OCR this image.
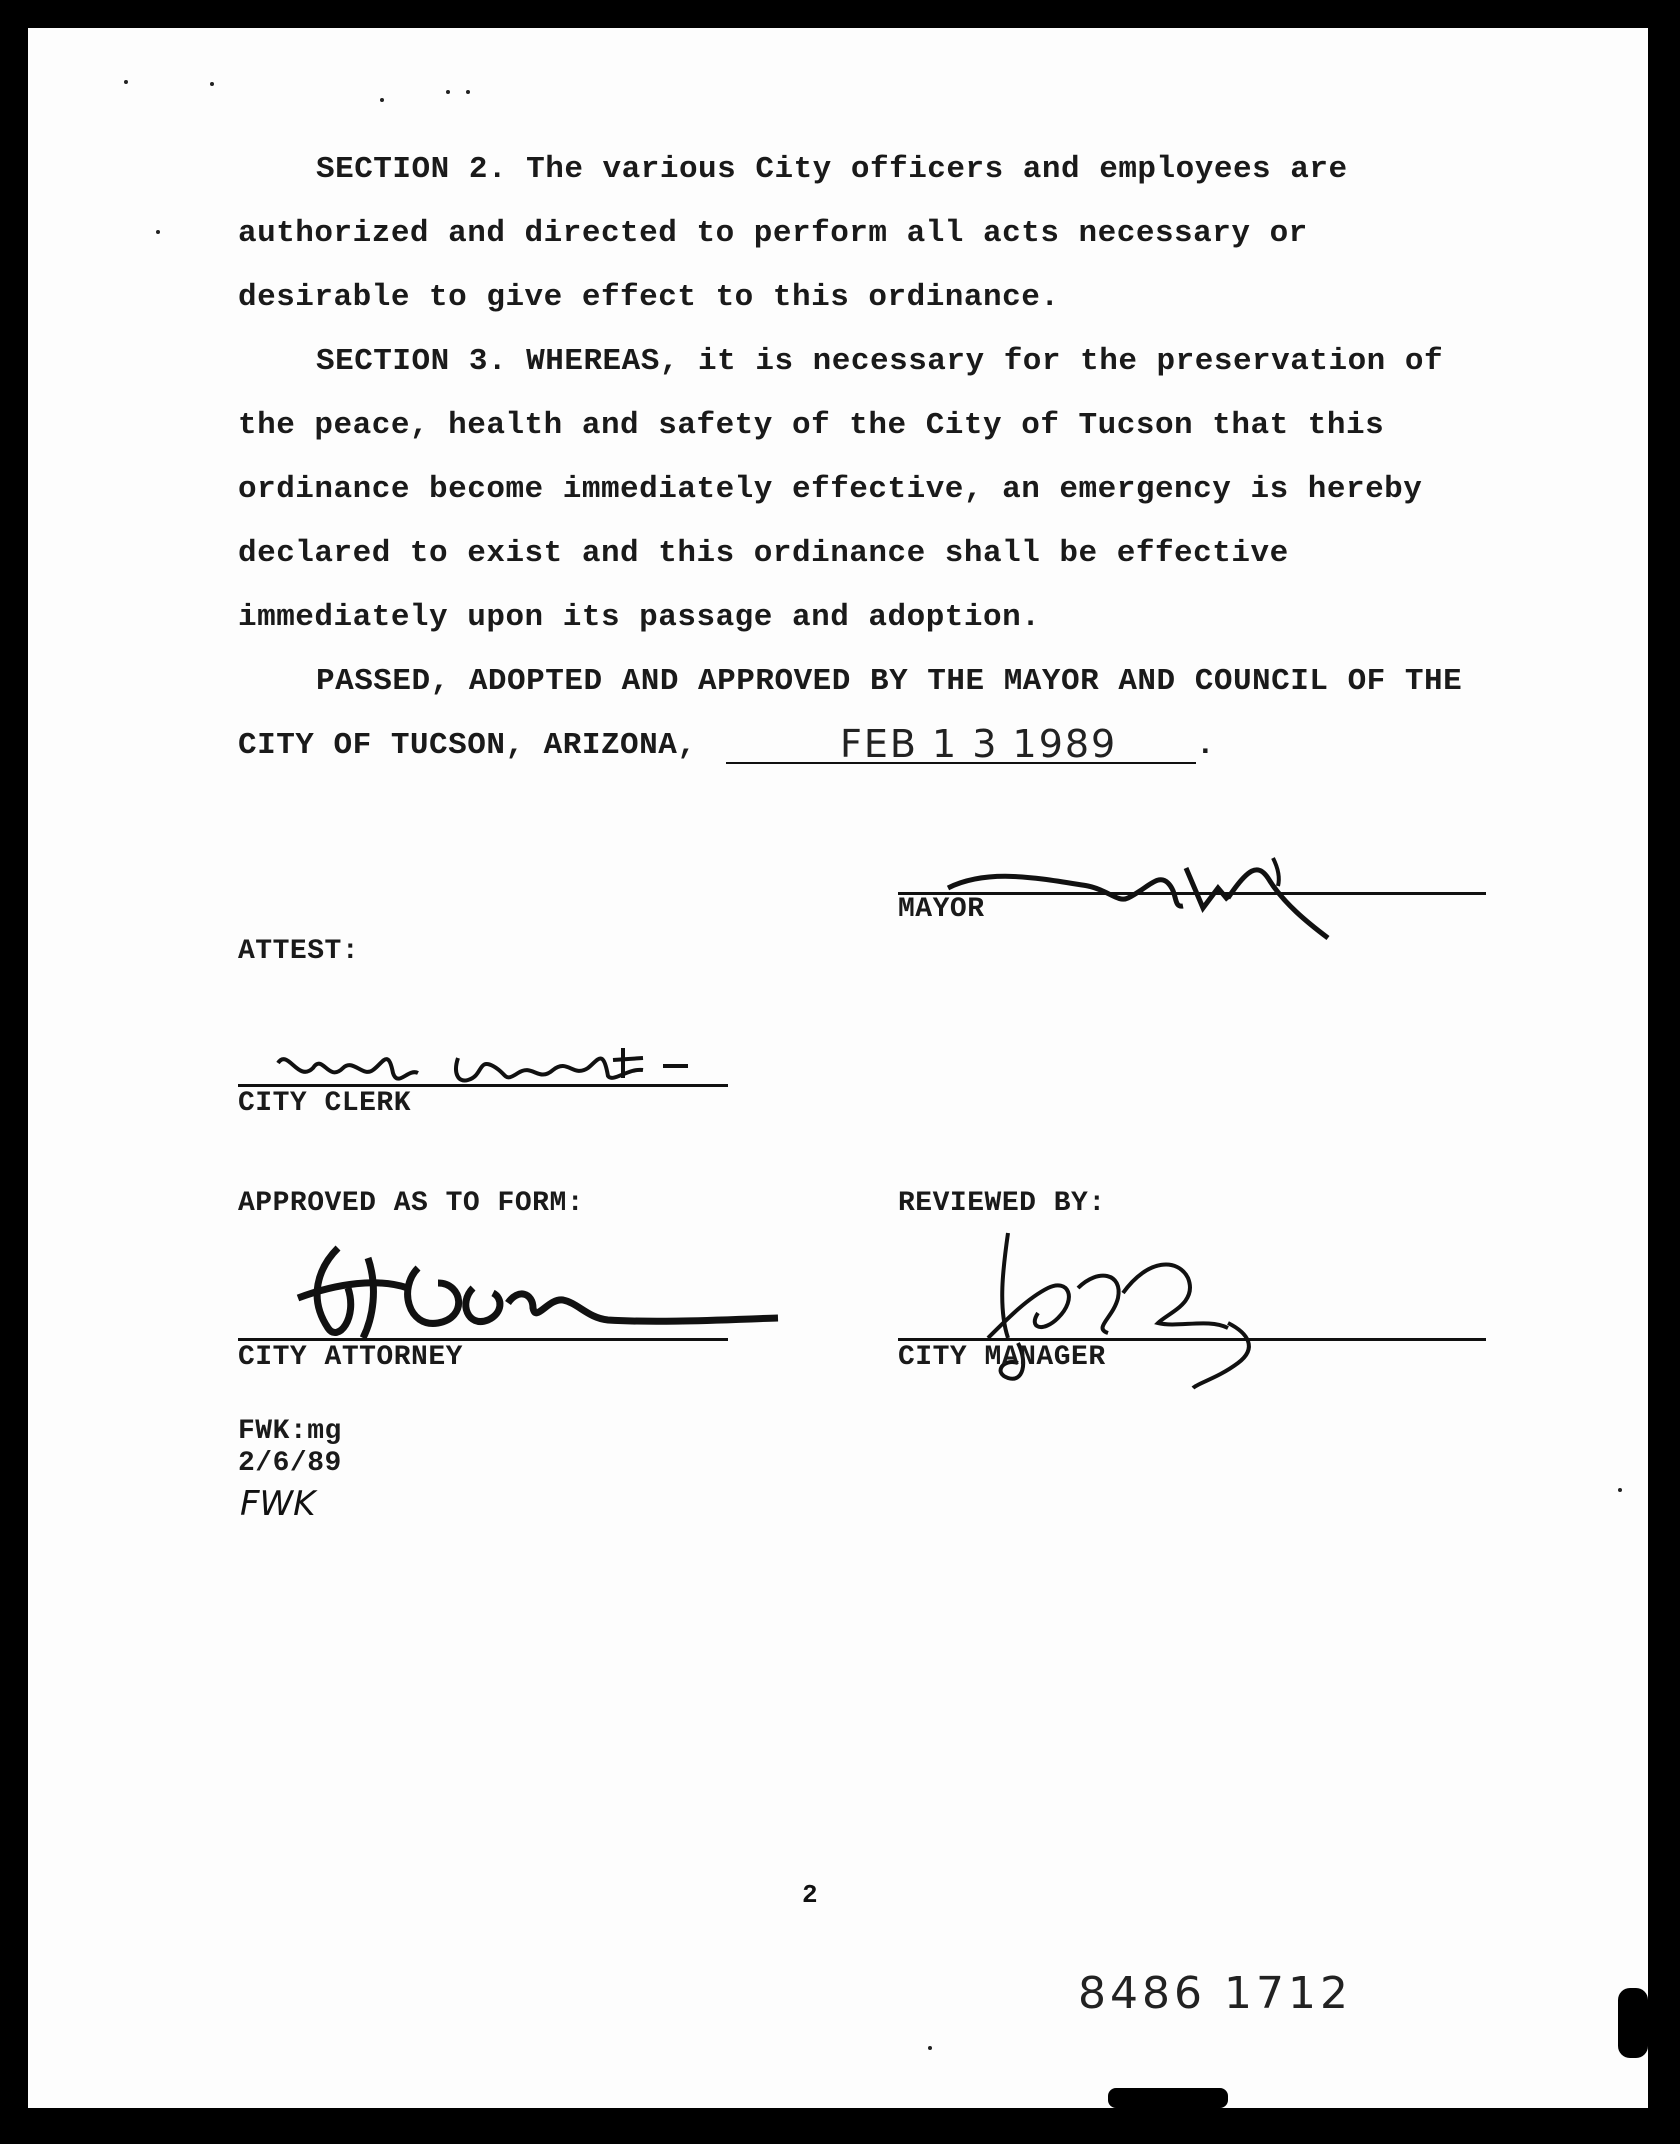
SECTION 2. The various City officers and employees are
authorized and directed to perform all acts necessary or
desirable to give effect to this ordinance.
SECTION 3. WHEREAS, it is necessary for the preservation of
the peace, health and safety of the City of Tucson that this
ordinance become immediately effective, an emergency is hereby
declared to exist and this ordinance shall be effective
immediately upon its passage and adoption.
PASSED, ADOPTED AND APPROVED BY THE MAYOR AND COUNCIL OF THE
CITY OF TUCSON, ARIZONA,	FEB 1 3 1989	.
MAYOR
ATTEST:
CITY CLERK
APPROVED AS TO FORM:	REVIEWED BY:
CITY ATTORNEY	CITY MANAGER
FWK:mg
2/6/89
FWK
2
8486 1712
